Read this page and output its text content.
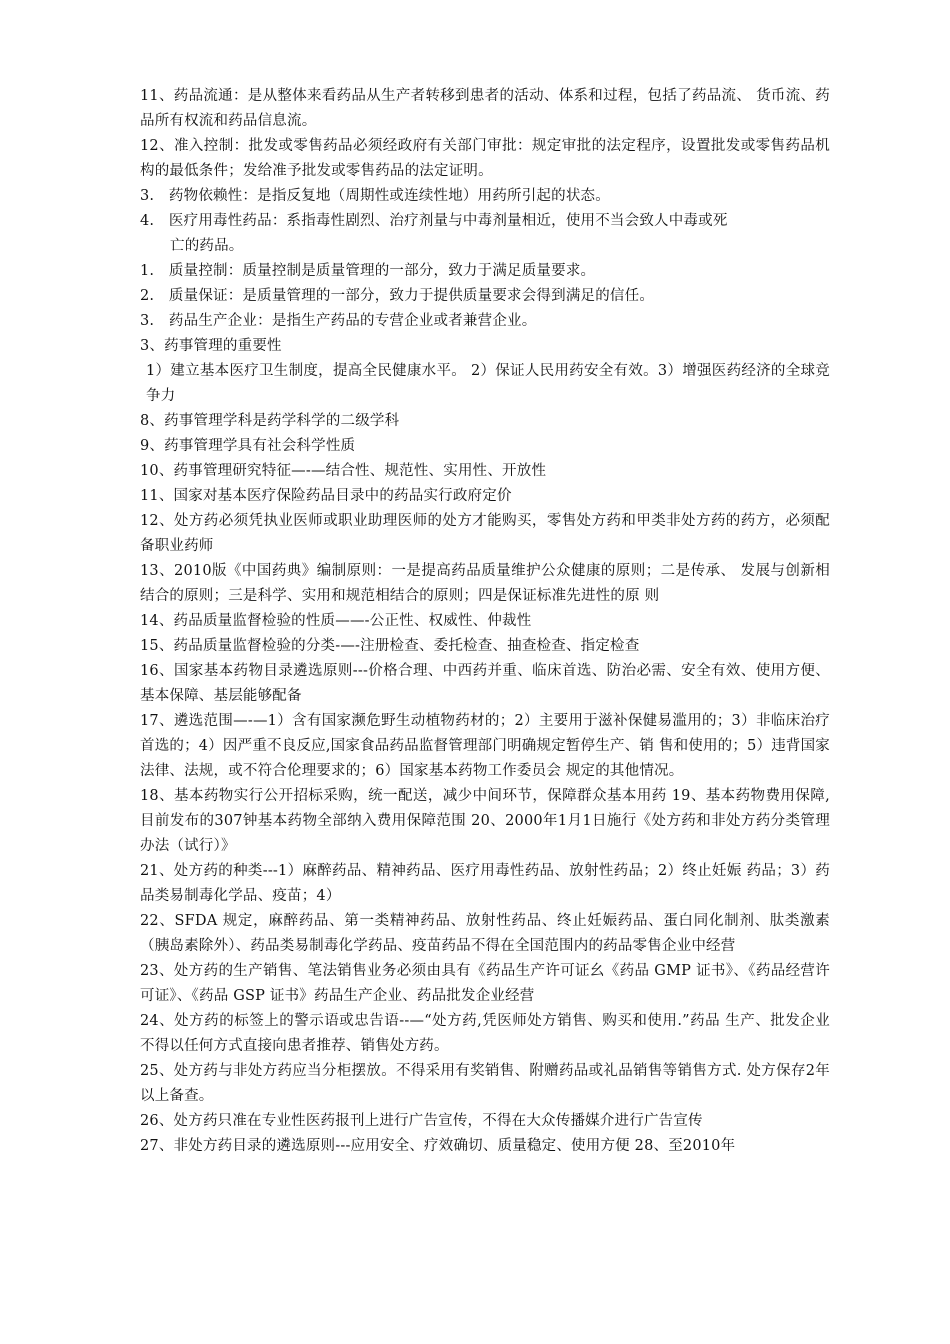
11、药品流通：是从整体来看药品从生产者转移到患者的活动、体系和过程，包括了药品流、 货币流、药品所有权流和药品信息流。

12、准入控制：批发或零售药品必须经政府有关部门审批：规定审批的法定程序，设置批发或零售药品机构的最低条件；发给准予批发或零售药品的法定证明。

3. 药物依赖性：是指反复地（周期性或连续性地）用药所引起的状态。

4. 医疗用毒性药品：系指毒性剧烈、治疗剂量与中毒剂量相近，使用不当会致人中毒或死

亡的药品。

1. 质量控制：质量控制是质量管理的一部分，致力于满足质量要求。

2. 质量保证：是质量管理的一部分，致力于提供质量要求会得到满足的信任。

3. 药品生产企业：是指生产药品的专营企业或者兼营企业。

3、药事管理的重要性

1）建立基本医疗卫生制度，提高全民健康水平。 2）保证人民用药安全有效。3）增强医药经济的全球竞争力

8、药事管理学科是药学科学的二级学科

9、药事管理学具有社会科学性质

10、药事管理研究特征—-—结合性、规范性、实用性、开放性

11、国家对基本医疗保险药品目录中的药品实行政府定价

12、处方药必须凭执业医师或职业助理医师的处方才能购买，零售处方药和甲类非处方药的药方，必须配备职业药师

13、2010版《中国药典》编制原则：一是提高药品质量维护公众健康的原则；二是传承、 发展与创新相结合的原则；三是科学、实用和规范相结合的原则；四是保证标准先进性的原 则

14、药品质量监督检验的性质——-公正性、权威性、仲裁性

15、药品质量监督检验的分类-—-注册检查、委托检查、抽查检查、指定检查

16、国家基本药物目录遴选原则---价格合理、中西药并重、临床首选、防治必需、安全有效、使用方便、基本保障、基层能够配备

17、遴选范围—-—1）含有国家濒危野生动植物药材的；2）主要用于滋补保健易滥用的；3）非临床治疗首选的；4）因严重不良反应,国家食品药品监督管理部门明确规定暂停生产、销 售和使用的；5）违背国家法律、法规，或不符合伦理要求的；6）国家基本药物工作委员会 规定的其他情况。

18、基本药物实行公开招标采购，统一配送，减少中间环节，保障群众基本用药 19、基本药物费用保障,目前发布的307钟基本药物全部纳入费用保障范围 20、2000年1月1日施行《处方药和非处方药分类管理办法（试行）》

21、处方药的种类---1）麻醉药品、精神药品、医疗用毒性药品、放射性药品；2）终止妊娠 药品；3）药品类易制毒化学品、疫苗；4）

22、SFDA 规定，麻醉药品、第一类精神药品、放射性药品、终止妊娠药品、蛋白同化制剂、肽类激素（胰岛素除外）、药品类易制毒化学药品、疫苗药品不得在全国范围内的药品零售企业中经营

23、处方药的生产销售、笔法销售业务必须由具有《药品生产许可证幺《药品 GMP 证书》、《药品经营许可证》、《药品 GSP 证书》药品生产企业、药品批发企业经营

24、处方药的标签上的警示语或忠告语--—“处方药,凭医师处方销售、购买和使用.”药品 生产、批发企业不得以任何方式直接向患者推荐、销售处方药。

25、处方药与非处方药应当分柜摆放。不得采用有奖销售、附赠药品或礼品销售等销售方式. 处方保存2年以上备查。

26、处方药只准在专业性医药报刊上进行广告宣传，不得在大众传播媒介进行广告宣传

27、非处方药目录的遴选原则---应用安全、疗效确切、质量稳定、使用方便 28、至2010年
